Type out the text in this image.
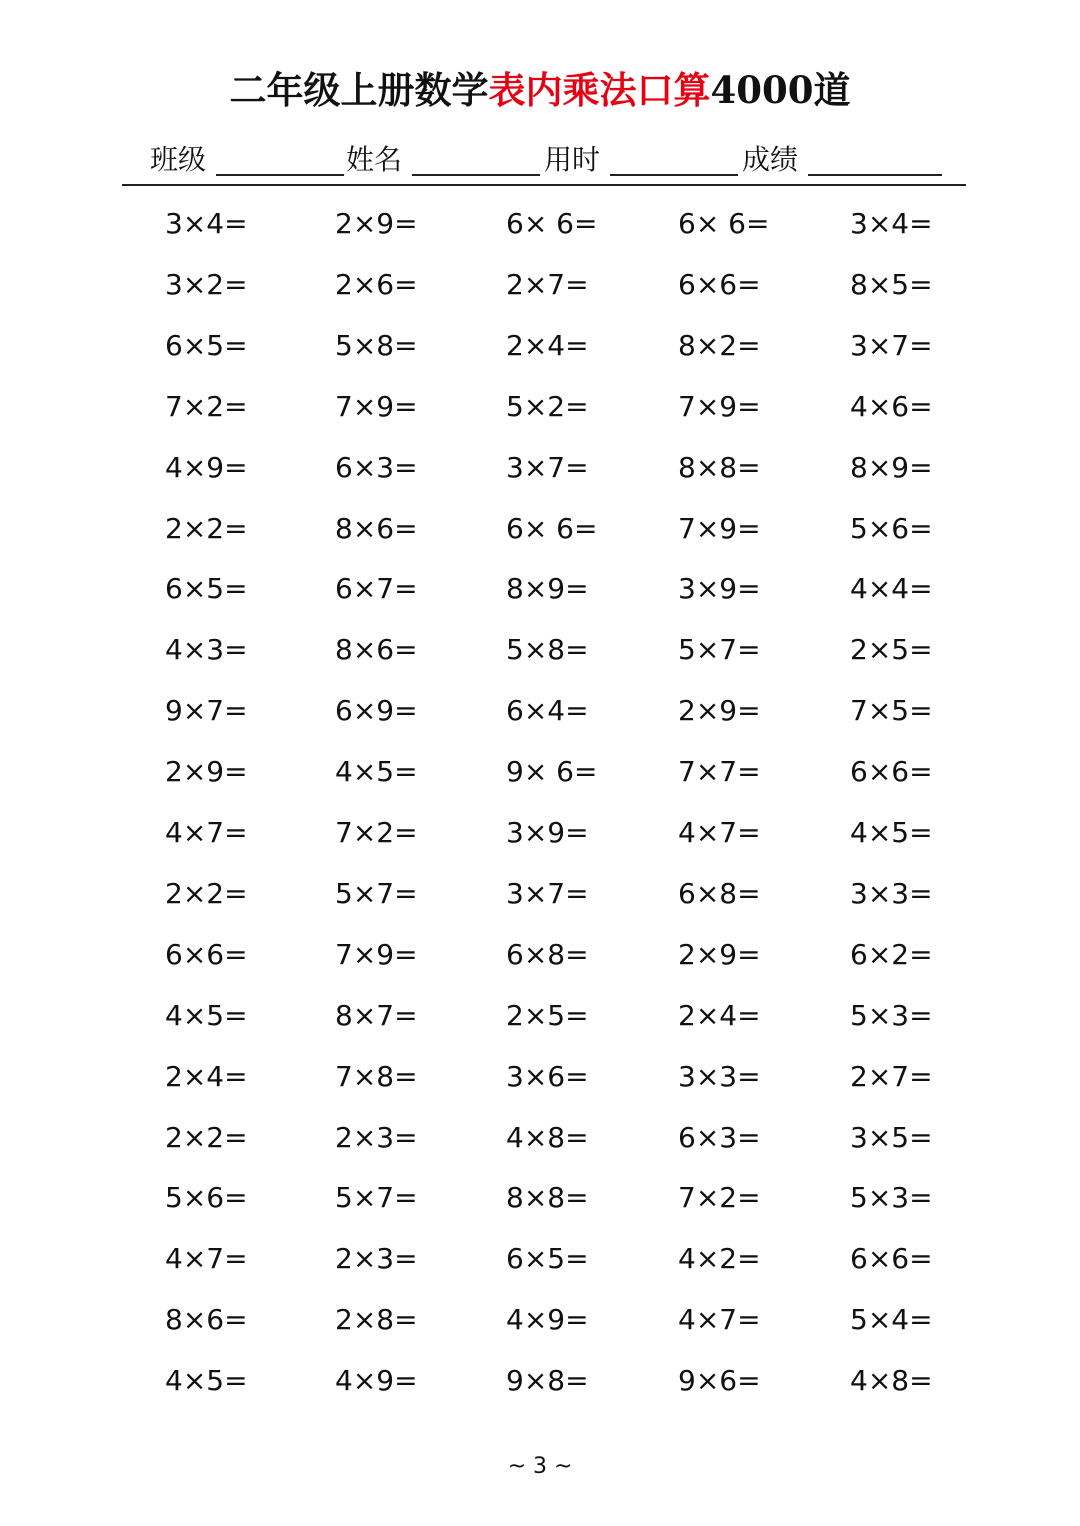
二年级上册数学表内乘法口算4000道
班级	姓名	用时	成绩
3×4=	2×9=	6× 6=	6× 6=	3×4=
3×2=	2×6=	2×7=	6×6=	8×5=
6×5=	5×8=	2×4=	8×2=	3×7=
7×2=	7×9=	5×2=	7×9=	4×6=
4×9=	6×3=	3×7=	8×8=	8×9=
2×2=	8×6=	6× 6=	7×9=	5×6=
6×5=	6×7=	8×9=	3×9=	4×4=
4×3=	8×6=	5×8=	5×7=	2×5=
9×7=	6×9=	6×4=	2×9=	7×5=
2×9=	4×5=	9× 6=	7×7=	6×6=
4×7=	7×2=	3×9=	4×7=	4×5=
2×2=	5×7=	3×7=	6×8=	3×3=
6×6=	7×9=	6×8=	2×9=	6×2=
4×5=	8×7=	2×5=	2×4=	5×3=
2×4=	7×8=	3×6=	3×3=	2×7=
2×2=	2×3=	4×8=	6×3=	3×5=
5×6=	5×7=	8×8=	7×2=	5×3=
4×7=	2×3=	6×5=	4×2=	6×6=
8×6=	2×8=	4×9=	4×7=	5×4=
4×5=	4×9=	9×8=	9×6=	4×8=
~ 3 ~
